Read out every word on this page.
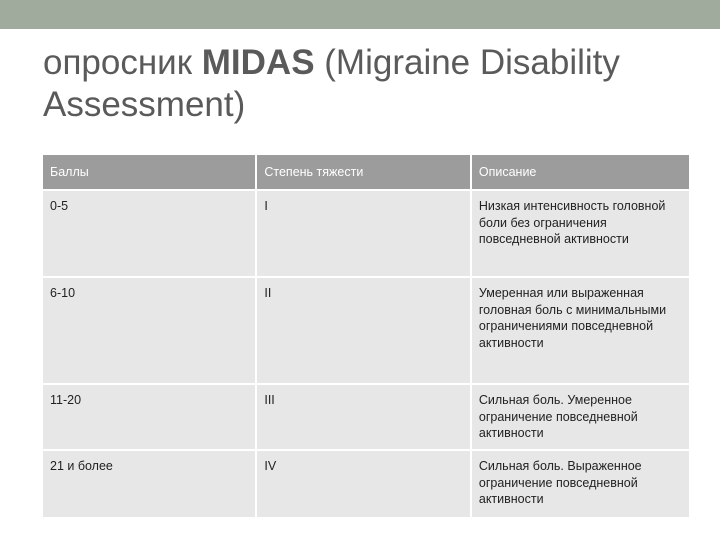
опросник MIDAS (Migraine Disability Assessment)
Баллы	Степень тяжести	Описание
0-5	I	Низкая интенсивность головной боли без ограничения повседневной активности
6-10	II	Умеренная или выраженная головная боль с минимальными ограничениями повседневной активности
11-20	III	Сильная боль. Умеренное ограничение повседневной активности
21 и более	IV	Сильная боль. Выраженное ограничение повседневной активности
